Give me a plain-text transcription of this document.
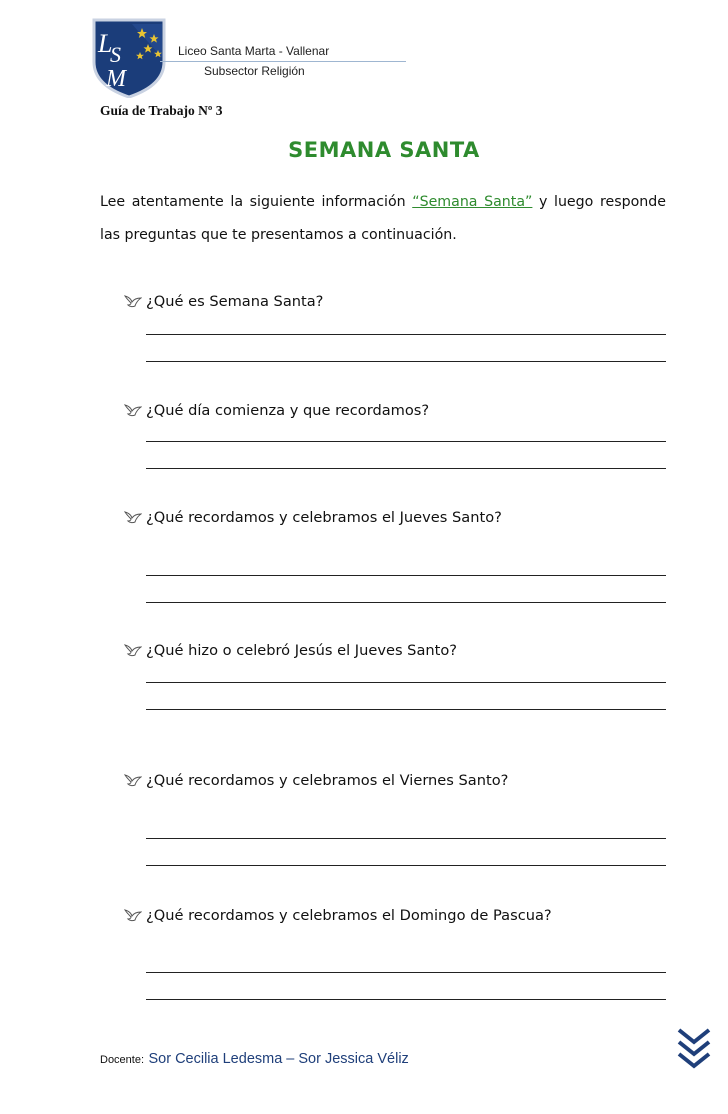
L
S
M
Liceo Santa Marta - Vallenar
Subsector Religión
Guía de Trabajo Nº 3
SEMANA SANTA
Lee atentamente la siguiente información “Semana Santa” y luego responde las preguntas que te presentamos a continuación.
¿Qué es Semana Santa?
¿Qué día comienza y que recordamos?
¿Qué recordamos y celebramos el Jueves Santo?
¿Qué hizo o celebró Jesús el Jueves Santo?
¿Qué recordamos y celebramos el Viernes Santo?
¿Qué recordamos y celebramos el Domingo de Pascua?
Docente: Sor Cecilia Ledesma – Sor Jessica Véliz
